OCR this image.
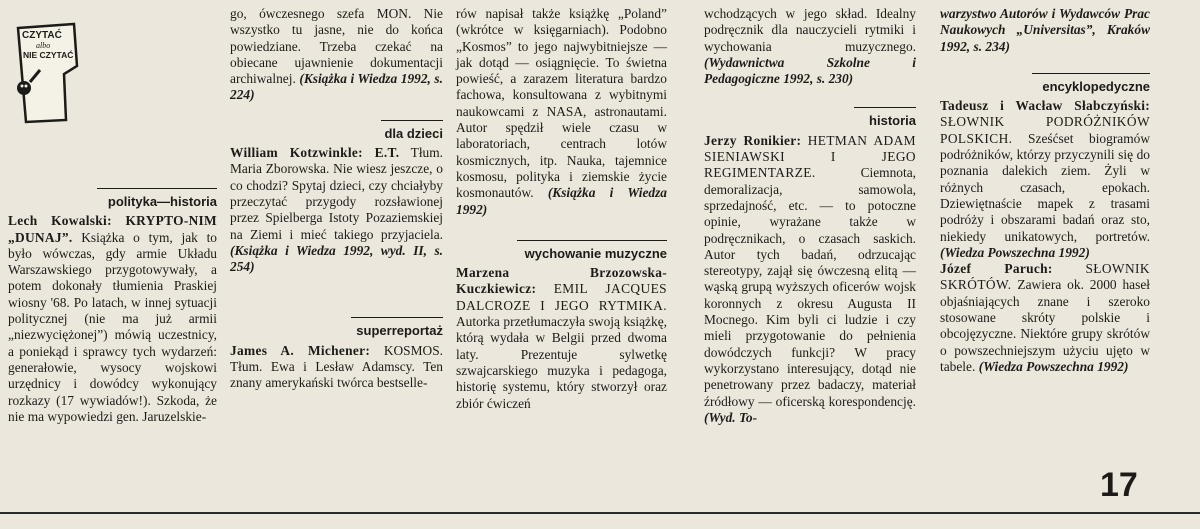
CZYTAĆ
albo
NIE CZYTAĆ
polityka—historia

Lech Kowalski: KRYPTO-NIM „DUNAJ”. Książka o tym, jak to było wówczas, gdy armie Układu Warszawskiego przygotowywały, a potem dokonały tłumienia Praskiej wiosny '68. Po latach, w innej sytuacji politycznej (nie ma już armii „niezwyciężonej”) mówią uczestnicy, a poniekąd i sprawcy tych wydarzeń: generałowie, wysocy wojskowi urzędnicy i dowódcy wykonujący rozkazy (17 wywiadów!). Szkoda, że nie ma wypowiedzi gen. Jaruzelskie-

go, ówczesnego szefa MON. Nie wszystko tu jasne, nie do końca powiedziane. Trzeba czekać na obiecane ujawnienie dokumentacji archiwalnej. (Książka i Wiedza 1992, s. 224)

dla dzieci

William Kotzwinkle: E.T. Tłum. Maria Zborowska. Nie wiesz jeszcze, o co chodzi? Spytaj dzieci, czy chciałyby przeczytać przygody rozsławionej przez Spielberga Istoty Pozaziemskiej na Ziemi i mieć takiego przyjaciela. (Książka i Wiedza 1992, wyd. II, s. 254)

superreportaż

James A. Michener: KOSMOS. Tłum. Ewa i Lesław Adamscy. Ten znany amerykański twórca bestselle-

rów napisał także książkę „Poland” (wkrótce w księgarniach). Podobno „Kosmos” to jego najwybitniejsze — jak dotąd — osiągnięcie. To świetna powieść, a zarazem literatura bardzo fachowa, konsultowana z wybitnymi naukowcami z NASA, astronautami. Autor spędził wiele czasu w laboratoriach, centrach lotów kosmicznych, itp. Nauka, tajemnice kosmosu, polityka i ziemskie życie kosmonautów. (Książka i Wiedza 1992)

wychowanie muzyczne

Marzena Brzozowska-Kuczkiewicz: EMIL JACQUES DALCROZE I JEGO RYTMIKA. Autorka przetłumaczyła swoją książkę, którą wydała w Belgii przed dwoma laty. Prezentuje sylwetkę szwajcarskiego muzyka i pedagoga, historię systemu, który stworzył oraz zbiór ćwiczeń

wchodzących w jego skład. Idealny podręcznik dla nauczycieli rytmiki i wychowania muzycznego. (Wydawnictwa Szkolne i Pedagogiczne 1992, s. 230)

historia

Jerzy Ronikier: HETMAN ADAM SIENIAWSKI I JEGO REGIMENTARZE.	Ciemnota, demoralizacja, samowola, sprzedajność, etc. — to potoczne opinie, wyrażane także w podręcznikach, o czasach saskich. Autor tych badań, odrzucając stereotypy, zajął się ówczesną elitą — wąską grupą wyższych oficerów wojsk koronnych z okresu Augusta II Mocnego. Kim byli ci ludzie i czy mieli przygotowanie do pełnienia dowódczych funkcji? W pracy wykorzystano interesujący, dotąd nie penetrowany przez badaczy, materiał źródłowy — oficerską korespondencję. (Wyd. To-

warzystwo Autorów i Wydawców Prac Naukowych „Universitas”, Kraków 1992, s. 234)

encyklopedyczne

Tadeusz i Wacław Słabczyński: SŁOWNIK PODRÓŻNIKÓW POLSKICH. Sześćset biogramów podróżników, którzy przyczynili się do poznania dalekich ziem. Żyli w różnych czasach, epokach. Dziewiętnaście mapek z trasami podróży i obszarami badań oraz sto, niekiedy unikatowych, portretów. (Wiedza Powszechna 1992)

Józef Paruch: SŁOWNIK SKRÓTÓW. Zawiera ok. 2000 haseł objaśniających znane i szeroko stosowane skróty polskie i obcojęzyczne. Niektóre grupy skrótów o powszechniejszym użyciu ujęto w tabele. (Wiedza Powszechna 1992)

17
